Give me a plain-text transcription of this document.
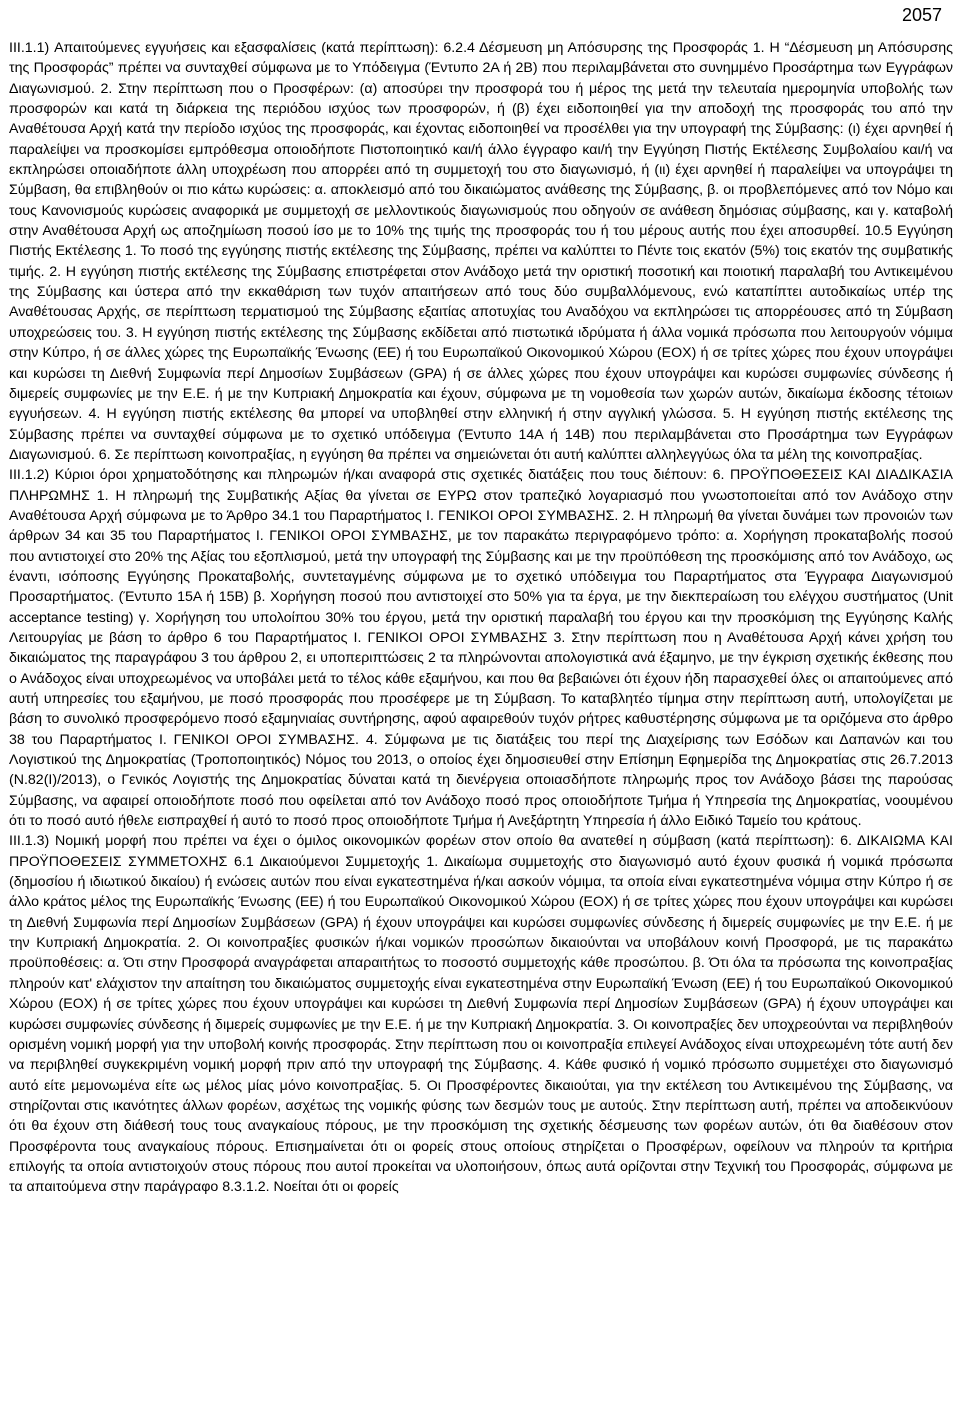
2057

III.1.1) Απαιτούμενες εγγυήσεις και εξασφαλίσεις (κατά περίπτωση): 6.2.4 Δέσμευση μη Απόσυρσης της Προσφοράς 1. Η “Δέσμευση μη Απόσυρσης της Προσφοράς” πρέπει να συνταχθεί σύμφωνα με το Υπόδειγμα (Έντυπο 2Α ή 2Β) που περιλαμβάνεται στο συνημμένο Προσάρτημα των Εγγράφων Διαγωνισμού. 2. Στην περίπτωση που ο Προσφέρων: (α) αποσύρει την προσφορά του ή μέρος της μετά την τελευταία ημερομηνία υποβολής των προσφορών και κατά τη διάρκεια της περιόδου ισχύος των προσφορών, ή (β) έχει ειδοποιηθεί για την αποδοχή της προσφοράς του από την Αναθέτουσα Αρχή κατά την περίοδο ισχύος της προσφοράς, και έχοντας ειδοποιηθεί να προσέλθει για την υπογραφή της Σύμβασης: (ι) έχει αρνηθεί ή παραλείψει να προσκομίσει εμπρόθεσμα οποιοδήποτε Πιστοποιητικό και/ή άλλο έγγραφο και/ή την Εγγύηση Πιστής Εκτέλεσης Συμβολαίου και/ή να εκπληρώσει οποιαδήποτε άλλη υποχρέωση που απορρέει από τη συμμετοχή του στο διαγωνισμό, ή (ιι) έχει αρνηθεί ή παραλείψει να υπογράψει τη Σύμβαση, θα επιβληθούν οι πιο κάτω κυρώσεις: α. αποκλεισμό από του δικαιώματος ανάθεσης της Σύμβασης, β. οι προβλεπόμενες από τον Νόμο και τους Κανονισμούς κυρώσεις αναφορικά με συμμετοχή σε μελλοντικούς διαγωνισμούς που οδηγούν σε ανάθεση δημόσιας σύμβασης, και γ. καταβολή στην Αναθέτουσα Αρχή ως αποζημίωση ποσού ίσο με το 10% της τιμής της προσφοράς του ή του μέρους αυτής που έχει αποσυρθεί. 10.5 Εγγύηση Πιστής Εκτέλεσης 1. Το ποσό της εγγύησης πιστής εκτέλεσης της Σύμβασης, πρέπει να καλύπτει το Πέντε τοις εκατόν (5%) τοις εκατόν της συμβατικής τιμής. 2. Η εγγύηση πιστής εκτέλεσης της Σύμβασης επιστρέφεται στον Ανάδοχο μετά την οριστική ποσοτική και ποιοτική παραλαβή του Αντικειμένου της Σύμβασης και ύστερα από την εκκαθάριση των τυχόν απαιτήσεων από τους δύο συμβαλλόμενους, ενώ καταπίπτει αυτοδικαίως υπέρ της Αναθέτουσας Αρχής, σε περίπτωση τερματισμού της Σύμβασης εξαιτίας αποτυχίας του Αναδόχου να εκπληρώσει τις απορρέουσες από τη Σύμβαση υποχρεώσεις του. 3. Η εγγύηση πιστής εκτέλεσης της Σύμβασης εκδίδεται από πιστωτικά ιδρύματα ή άλλα νομικά πρόσωπα που λειτουργούν νόμιμα στην Κύπρο, ή σε άλλες χώρες της Ευρωπαϊκής Ένωσης (ΕΕ) ή του Ευρωπαϊκού Οικονομικού Χώρου (ΕΟΧ) ή σε τρίτες χώρες που έχουν υπογράψει και κυρώσει τη Διεθνή Συμφωνία περί Δημοσίων Συμβάσεων (GPA) ή σε άλλες χώρες που έχουν υπογράψει και κυρώσει συμφωνίες σύνδεσης ή διμερείς συμφωνίες με την Ε.Ε. ή με την Κυπριακή Δημοκρατία και έχουν, σύμφωνα με τη νομοθεσία των χωρών αυτών, δικαίωμα έκδοσης τέτοιων εγγυήσεων. 4. Η εγγύηση πιστής εκτέλεσης θα μπορεί να υποβληθεί στην ελληνική ή στην αγγλική γλώσσα. 5. Η εγγύηση πιστής εκτέλεσης της Σύμβασης πρέπει να συνταχθεί σύμφωνα με το σχετικό υπόδειγμα (Έντυπο 14Α ή 14Β) που περιλαμβάνεται στο Προσάρτημα των Εγγράφων Διαγωνισμού. 6. Σε περίπτωση κοινοπραξίας, η εγγύηση θα πρέπει να σημειώνεται ότι αυτή καλύπτει αλληλεγγύως όλα τα μέλη της κοινοπραξίας.

III.1.2) Κύριοι όροι χρηματοδότησης και πληρωμών ή/και αναφορά στις σχετικές διατάξεις που τους διέπουν: 6. ΠΡΟΫΠΟΘΕΣΕΙΣ ΚΑΙ ΔΙΑΔΙΚΑΣΙΑ ΠΛΗΡΩΜΗΣ 1. Η πληρωμή της Συμβατικής Αξίας θα γίνεται σε ΕΥΡΩ στον τραπεζικό λογαριασμό που γνωστοποιείται από τον Ανάδοχο στην Αναθέτουσα Αρχή σύμφωνα με το Άρθρο 34.1 του Παραρτήματος Ι. ΓΕΝΙΚΟΙ ΟΡΟΙ ΣΥΜΒΑΣΗΣ. 2. Η πληρωμή θα γίνεται δυνάμει των προνοιών των άρθρων 34 και 35 του Παραρτήματος Ι. ΓΕΝΙΚΟΙ ΟΡΟΙ ΣΥΜΒΑΣΗΣ, με τον παρακάτω περιγραφόμενο τρόπο: α. Χορήγηση προκαταβολής ποσού που αντιστοιχεί στο 20% της Αξίας του εξοπλισμού, μετά την υπογραφή της Σύμβασης και με την προϋπόθεση της προσκόμισης από τον Ανάδοχο, ως έναντι, ισόποσης Εγγύησης Προκαταβολής, συντεταγμένης σύμφωνα με το σχετικό υπόδειγμα του Παραρτήματος στα Έγγραφα Διαγωνισμού Προσαρτήματος. (Έντυπο 15Α ή 15Β) β. Χορήγηση ποσού που αντιστοιχεί στο 50% για τα έργα, με την διεκπεραίωση του ελέγχου συστήματος (Unit acceptance testing) γ. Χορήγηση του υπολοίπου 30% του έργου, μετά την οριστική παραλαβή του έργου και την προσκόμιση της Εγγύησης Καλής Λειτουργίας με βάση το άρθρο 6 του Παραρτήματος Ι. ΓΕΝΙΚΟΙ ΟΡΟΙ ΣΥΜΒΑΣΗΣ 3. Στην περίπτωση που η Αναθέτουσα Αρχή κάνει χρήση του δικαιώματος της παραγράφου 3 του άρθρου 2, ει υποπεριπτώσεις 2 τα πληρώνονται απολογιστικά ανά έξαμηνο, με την έγκριση σχετικής έκθεσης που ο Ανάδοχος είναι υποχρεωμένος να υποβάλει μετά το τέλος κάθε εξαμήνου, και που θα βεβαιώνει ότι έχουν ήδη παρασχεθεί όλες οι απαιτούμενες από αυτή υπηρεσίες του εξαμήνου, με ποσό προσφοράς που προσέφερε με τη Σύμβαση. Το καταβλητέο τίμημα στην περίπτωση αυτή, υπολογίζεται με βάση το συνολικό προσφερόμενο ποσό εξαμηνιαίας συντήρησης, αφού αφαιρεθούν τυχόν ρήτρες καθυστέρησης σύμφωνα με τα οριζόμενα στο άρθρο 38 του Παραρτήματος Ι. ΓΕΝΙΚΟΙ ΟΡΟΙ ΣΥΜΒΑΣΗΣ. 4. Σύμφωνα με τις διατάξεις του περί της Διαχείρισης των Εσόδων και Δαπανών και του Λογιστικού της Δημοκρατίας (Τροποποιητικός) Νόμος του 2013, ο οποίος έχει δημοσιευθεί στην Επίσημη Εφημερίδα της Δημοκρατίας στις 26.7.2013 (Ν.82(Ι)/2013), ο Γενικός Λογιστής της Δημοκρατίας δύναται κατά τη διενέργεια οποιασδήποτε πληρωμής προς τον Ανάδοχο βάσει της παρούσας Σύμβασης, να αφαιρεί οποιοδήποτε ποσό που οφείλεται από τον Ανάδοχο ποσό προς οποιοδήποτε Τμήμα ή Υπηρεσία της Δημοκρατίας, νοουμένου ότι το ποσό αυτό ήθελε εισπραχθεί ή αυτό το ποσό προς οποιοδήποτε Τμήμα ή Ανεξάρτητη Υπηρεσία ή άλλο Ειδικό Ταμείο του κράτους.

III.1.3) Νομική μορφή που πρέπει να έχει ο όμιλος οικονομικών φορέων στον οποίο θα ανατεθεί η σύμβαση (κατά περίπτωση): 6. ΔΙΚΑΙΩΜΑ ΚΑΙ ΠΡΟΫΠΟΘΕΣΕΙΣ ΣΥΜΜΕΤΟΧΗΣ 6.1 Δικαιούμενοι Συμμετοχής 1. Δικαίωμα συμμετοχής στο διαγωνισμό αυτό έχουν φυσικά ή νομικά πρόσωπα (δημοσίου ή ιδιωτικού δικαίου) ή ενώσεις αυτών που είναι εγκατεστημένα ή/και ασκούν νόμιμα, τα οποία είναι εγκατεστημένα νόμιμα στην Κύπρο ή σε άλλο κράτος μέλος της Ευρωπαϊκής Ένωσης (ΕΕ) ή του Ευρωπαϊκού Οικονομικού Χώρου (ΕΟΧ) ή σε τρίτες χώρες που έχουν υπογράψει και κυρώσει τη Διεθνή Συμφωνία περί Δημοσίων Συμβάσεων (GPA) ή έχουν υπογράψει και κυρώσει συμφωνίες σύνδεσης ή διμερείς συμφωνίες με την Ε.Ε. ή με την Κυπριακή Δημοκρατία. 2. Οι κοινοπραξίες φυσικών ή/και νομικών προσώπων δικαιούνται να υποβάλουν κοινή Προσφορά, με τις παρακάτω προϋποθέσεις: α. Ότι στην Προσφορά αναγράφεται απαραιτήτως το ποσοστό συμμετοχής κάθε προσώπου. β. Ότι όλα τα πρόσωπα της κοινοπραξίας πληρούν κατ' ελάχιστον την απαίτηση του δικαιώματος συμμετοχής είναι εγκατεστημένα στην Ευρωπαϊκή Ένωση (ΕΕ) ή του Ευρωπαϊκού Οικονομικού Χώρου (ΕΟΧ) ή σε τρίτες χώρες που έχουν υπογράψει και κυρώσει τη Διεθνή Συμφωνία περί Δημοσίων Συμβάσεων (GPA) ή έχουν υπογράψει και κυρώσει συμφωνίες σύνδεσης ή διμερείς συμφωνίες με την Ε.Ε. ή με την Κυπριακή Δημοκρατία. 3. Οι κοινοπραξίες δεν υποχρεούνται να περιβληθούν ορισμένη νομική μορφή για την υποβολή κοινής προσφοράς. Στην περίπτωση που οι κοινοπραξία επιλεγεί Ανάδοχος είναι υποχρεωμένη τότε αυτή δεν να περιβληθεί συγκεκριμένη νομική μορφή πριν από την υπογραφή της Σύμβασης. 4. Κάθε φυσικό ή νομικό πρόσωπο συμμετέχει στο διαγωνισμό αυτό είτε μεμονωμένα είτε ως μέλος μίας μόνο κοινοπραξίας. 5. Οι Προσφέροντες δικαιούται, για την εκτέλεση του Αντικειμένου της Σύμβασης, να στηρίζονται στις ικανότητες άλλων φορέων, ασχέτως της νομικής φύσης των δεσμών τους με αυτούς. Στην περίπτωση αυτή, πρέπει να αποδεικνύουν ότι θα έχουν στη διάθεσή τους τους αναγκαίους πόρους, με την προσκόμιση της σχετικής δέσμευσης των φορέων αυτών, ότι θα διαθέσουν στον Προσφέροντα τους αναγκαίους πόρους. Επισημαίνεται ότι οι φορείς στους οποίους στηρίζεται ο Προσφέρων, οφείλουν να πληρούν τα κριτήρια επιλογής τα οποία αντιστοιχούν στους πόρους που αυτοί προκείται να υλοποιήσουν, όπως αυτά ορίζονται στην Τεχνική του Προσφοράς, σύμφωνα με τα απαιτούμενα στην παράγραφο 8.3.1.2. Νοείται ότι οι φορείς
